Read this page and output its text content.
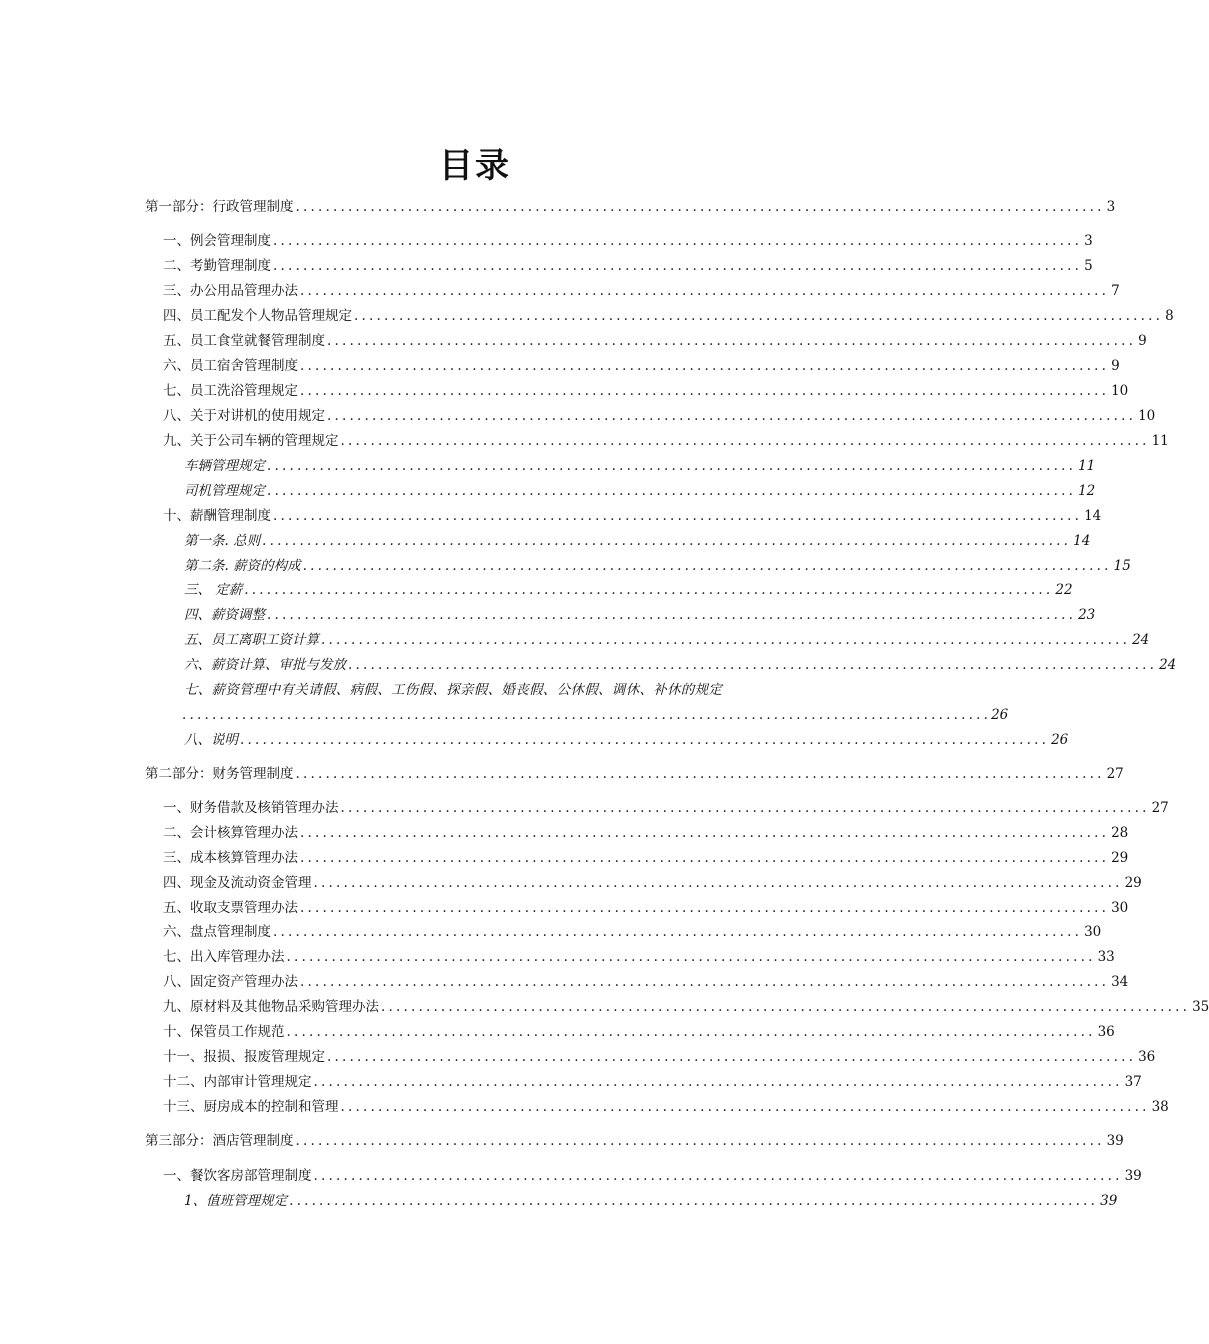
目录
第一部分：行政管理制度 ............................................................................................................ 3
一、例会管理制度 ............................................................................................................ 3
二、考勤管理制度 ............................................................................................................ 5
三、办公用品管理办法 ............................................................................................................ 7
四、员工配发个人物品管理规定 ............................................................................................................ 8
五、员工食堂就餐管理制度 ............................................................................................................ 9
六、员工宿舍管理制度 ............................................................................................................ 9
七、员工洗浴管理规定 ............................................................................................................ 10
八、关于对讲机的使用规定 ............................................................................................................ 10
九、关于公司车辆的管理规定 ............................................................................................................ 11
车辆管理规定 ............................................................................................................ 11
司机管理规定 ............................................................................................................ 12
十、薪酬管理制度 ............................................................................................................ 14
第一条. 总则 ............................................................................................................ 14
第二条. 薪资的构成 ............................................................................................................ 15
三、 定薪 ............................................................................................................ 22
四、薪资调整 ............................................................................................................ 23
五、员工离职工资计算 ............................................................................................................ 24
六、薪资计算、审批与发放 ............................................................................................................ 24
七、薪资管理中有关请假、病假、工伤假、探亲假、婚丧假、公休假、调休、补休的规定
............................................................................................................ 26
八、说明 ............................................................................................................ 26
第二部分：财务管理制度 ............................................................................................................ 27
一、财务借款及核销管理办法 ............................................................................................................ 27
二、会计核算管理办法 ............................................................................................................ 28
三、成本核算管理办法 ............................................................................................................ 29
四、现金及流动资金管理 ............................................................................................................ 29
五、收取支票管理办法 ............................................................................................................ 30
六、盘点管理制度 ............................................................................................................ 30
七、出入库管理办法 ............................................................................................................ 33
八、固定资产管理办法 ............................................................................................................ 34
九、原材料及其他物品采购管理办法 ............................................................................................................ 35
十、保管员工作规范 ............................................................................................................ 36
十一、报损、报废管理规定 ............................................................................................................ 36
十二、内部审计管理规定 ............................................................................................................ 37
十三、厨房成本的控制和管理 ............................................................................................................ 38
第三部分：酒店管理制度 ............................................................................................................ 39
一、餐饮客房部管理制度 ............................................................................................................ 39
1、值班管理规定 ............................................................................................................ 39
